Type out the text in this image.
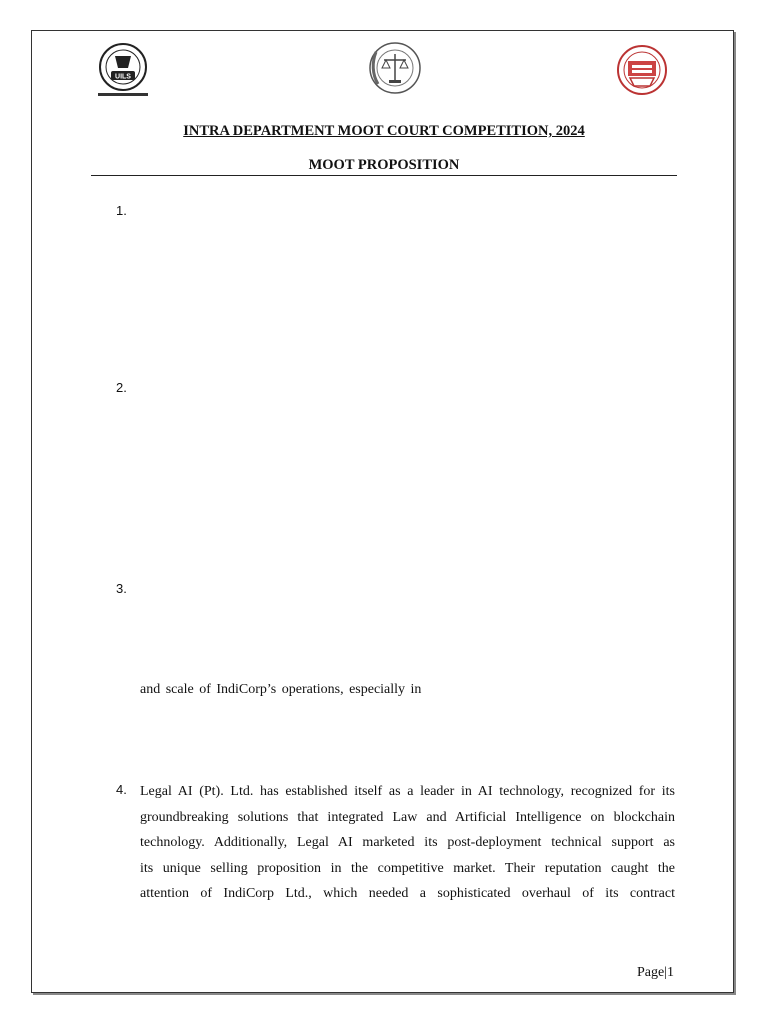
UILS
INTRA DEPARTMENT MOOT COURT COMPETITION, 2024
MOOT PROPOSITION
1.
2.
3.
and scale of IndiCorp’s operations, especially in
4. Legal AI (Pt). Ltd. has established itself as a leader in AI technology, recognized for its
groundbreaking solutions that integrated Law and Artificial Intelligence on blockchain
technology. Additionally, Legal AI marketed its post-deployment technical support as
its unique selling proposition in the competitive market. Their reputation caught the
attention of IndiCorp Ltd., which needed a sophisticated overhaul of its contract
Page|1
